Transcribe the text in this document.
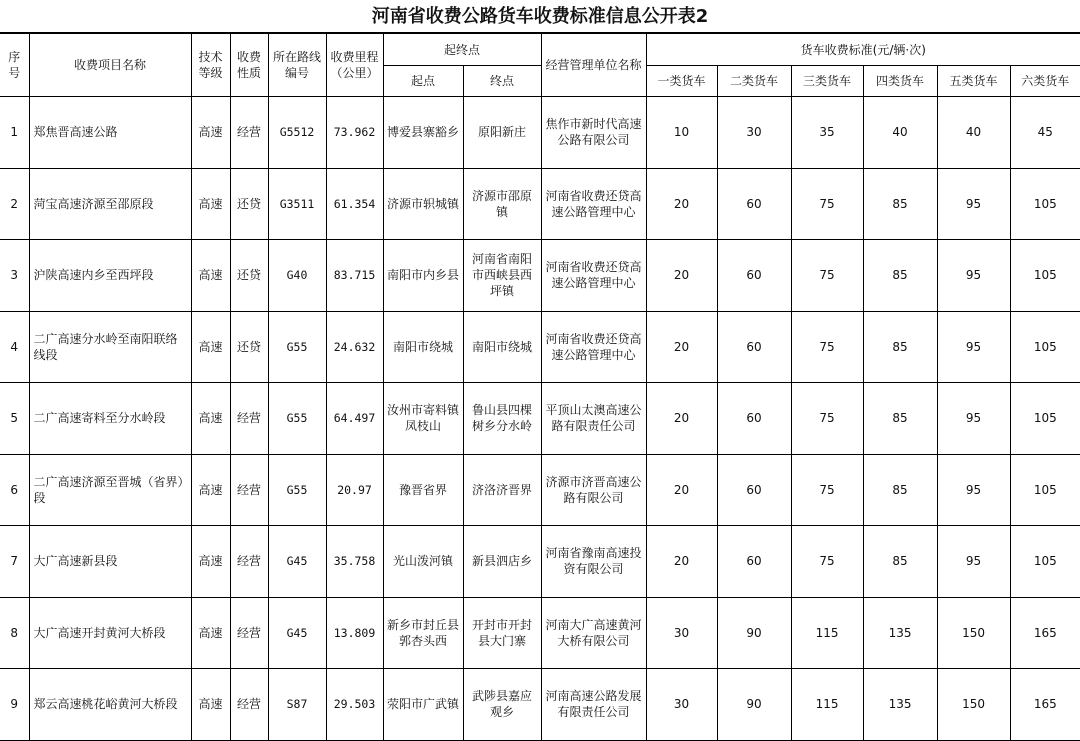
河南省收费公路货车收费标准信息公开表2
序号	收费项目名称	技术等级	收费性质	所在路线编号	收费里程（公里）	起终点		经营管理单位名称	货车收费标准(元/辆·次)					
						起点	终点		一类货车	二类货车	三类货车	四类货车	五类货车	六类货车
1	郑焦晋高速公路	高速	经营	G5512	73.962	博爱县寨豁乡	原阳新庄	焦作市新时代高速公路有限公司	10	30	35	40	40	45
2	菏宝高速济源至邵原段	高速	还贷	G3511	61.354	济源市轵城镇	济源市邵原镇	河南省收费还贷高速公路管理中心	20	60	75	85	95	105
3	沪陕高速内乡至西坪段	高速	还贷	G40	83.715	南阳市内乡县	河南省南阳市西峡县西坪镇	河南省收费还贷高速公路管理中心	20	60	75	85	95	105
4	二广高速分水岭至南阳联络线段	高速	还贷	G55	24.632	南阳市绕城	南阳市绕城	河南省收费还贷高速公路管理中心	20	60	75	85	95	105
5	二广高速寄料至分水岭段	高速	经营	G55	64.497	汝州市寄料镇凤枝山	鲁山县四棵树乡分水岭	平顶山太澳高速公路有限责任公司	20	60	75	85	95	105
6	二广高速济源至晋城（省界）段	高速	经营	G55	20.97	豫晋省界	济洛济晋界	济源市济晋高速公路有限公司	20	60	75	85	95	105
7	大广高速新县段	高速	经营	G45	35.758	光山泼河镇	新县泗店乡	河南省豫南高速投资有限公司	20	60	75	85	95	105
8	大广高速开封黄河大桥段	高速	经营	G45	13.809	新乡市封丘县郭杏头西	开封市开封县大门寨	河南大广高速黄河大桥有限公司	30	90	115	135	150	165
9	郑云高速桃花峪黄河大桥段	高速	经营	S87	29.503	荥阳市广武镇	武陟县嘉应观乡	河南高速公路发展有限责任公司	30	90	115	135	150	165
